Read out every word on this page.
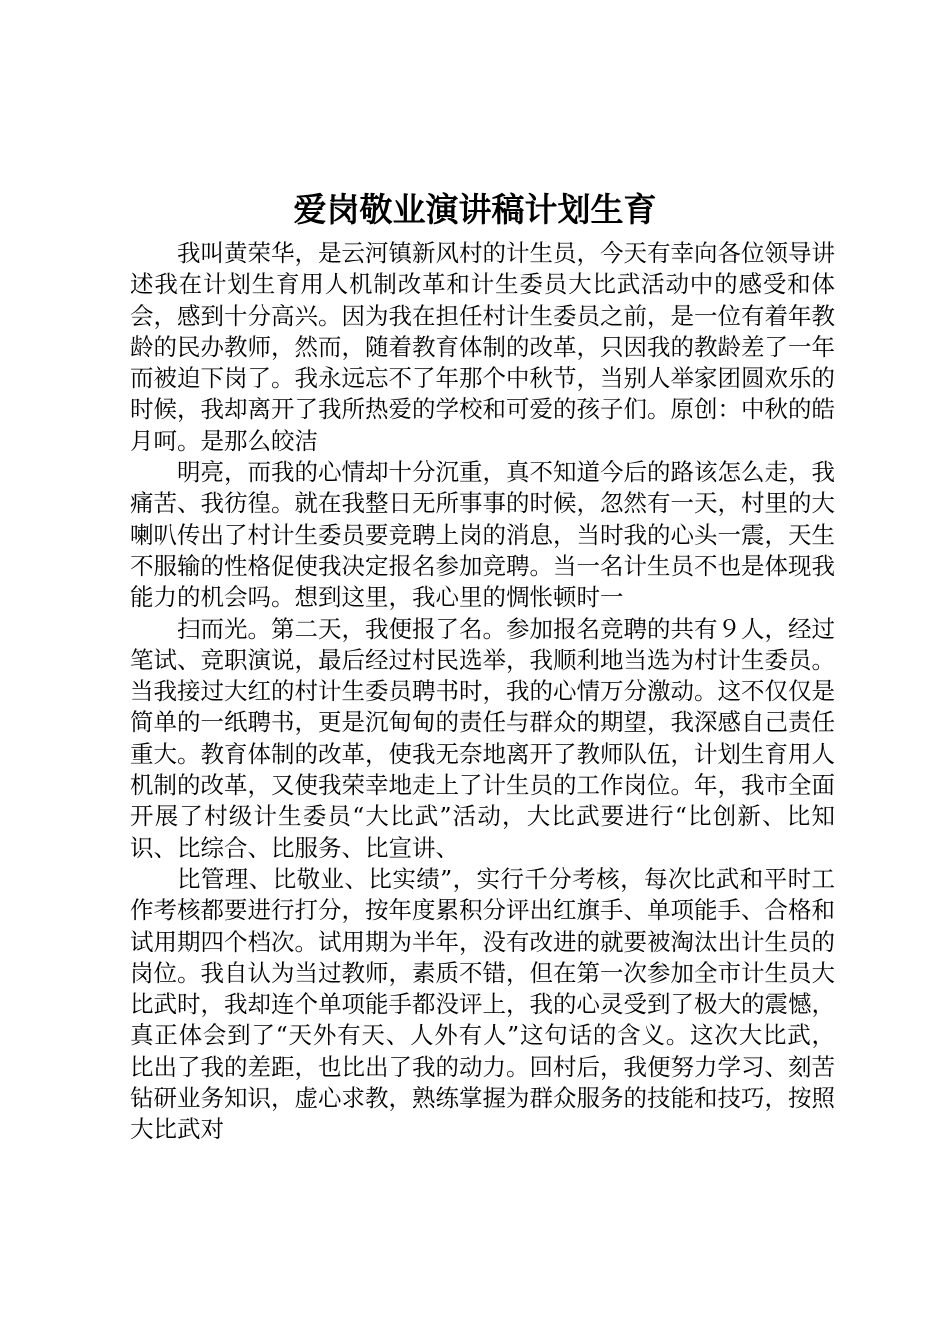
爱岗敬业演讲稿计划生育

我叫黄荣华，是云河镇新风村的计生员，今天有幸向各位领导讲述我在计划生育用人机制改革和计生委员大比武活动中的感受和体会，感到十分高兴。因为我在担任村计生委员之前，是一位有着年教龄的民办教师，然而，随着教育体制的改革，只因我的教龄差了一年而被迫下岗了。我永远忘不了年那个中秋节，当别人举家团圆欢乐的时候，我却离开了我所热爱的学校和可爱的孩子们。原创：中秋的皓月呵。是那么皎洁

明亮，而我的心情却十分沉重，真不知道今后的路该怎么走，我痛苦、我彷徨。就在我整日无所事事的时候，忽然有一天，村里的大喇叭传出了村计生委员要竞聘上岗的消息，当时我的心头一震，天生不服输的性格促使我决定报名参加竞聘。当一名计生员不也是体现我能力的机会吗。想到这里，我心里的惆怅顿时一

扫而光。第二天，我便报了名。参加报名竞聘的共有９人，经过笔试、竞职演说，最后经过村民选举，我顺利地当选为村计生委员。当我接过大红的村计生委员聘书时，我的心情万分激动。这不仅仅是简单的一纸聘书，更是沉甸甸的责任与群众的期望，我深感自己责任重大。教育体制的改革，使我无奈地离开了教师队伍，计划生育用人机制的改革，又使我荣幸地走上了计生员的工作岗位。年，我市全面开展了村级计生委员“大比武”活动，大比武要进行“比创新、比知识、比综合、比服务、比宣讲、

比管理、比敬业、比实绩”，实行千分考核，每次比武和平时工作考核都要进行打分，按年度累积分评出红旗手、单项能手、合格和试用期四个档次。试用期为半年，没有改进的就要被淘汰出计生员的岗位。我自认为当过教师，素质不错，但在第一次参加全市计生员大比武时，我却连个单项能手都没评上，我的心灵受到了极大的震憾，真正体会到了“天外有天、人外有人”这句话的含义。这次大比武，比出了我的差距，也比出了我的动力。回村后，我便努力学习、刻苦钻研业务知识，虚心求教，熟练掌握为群众服务的技能和技巧，按照大比武对
